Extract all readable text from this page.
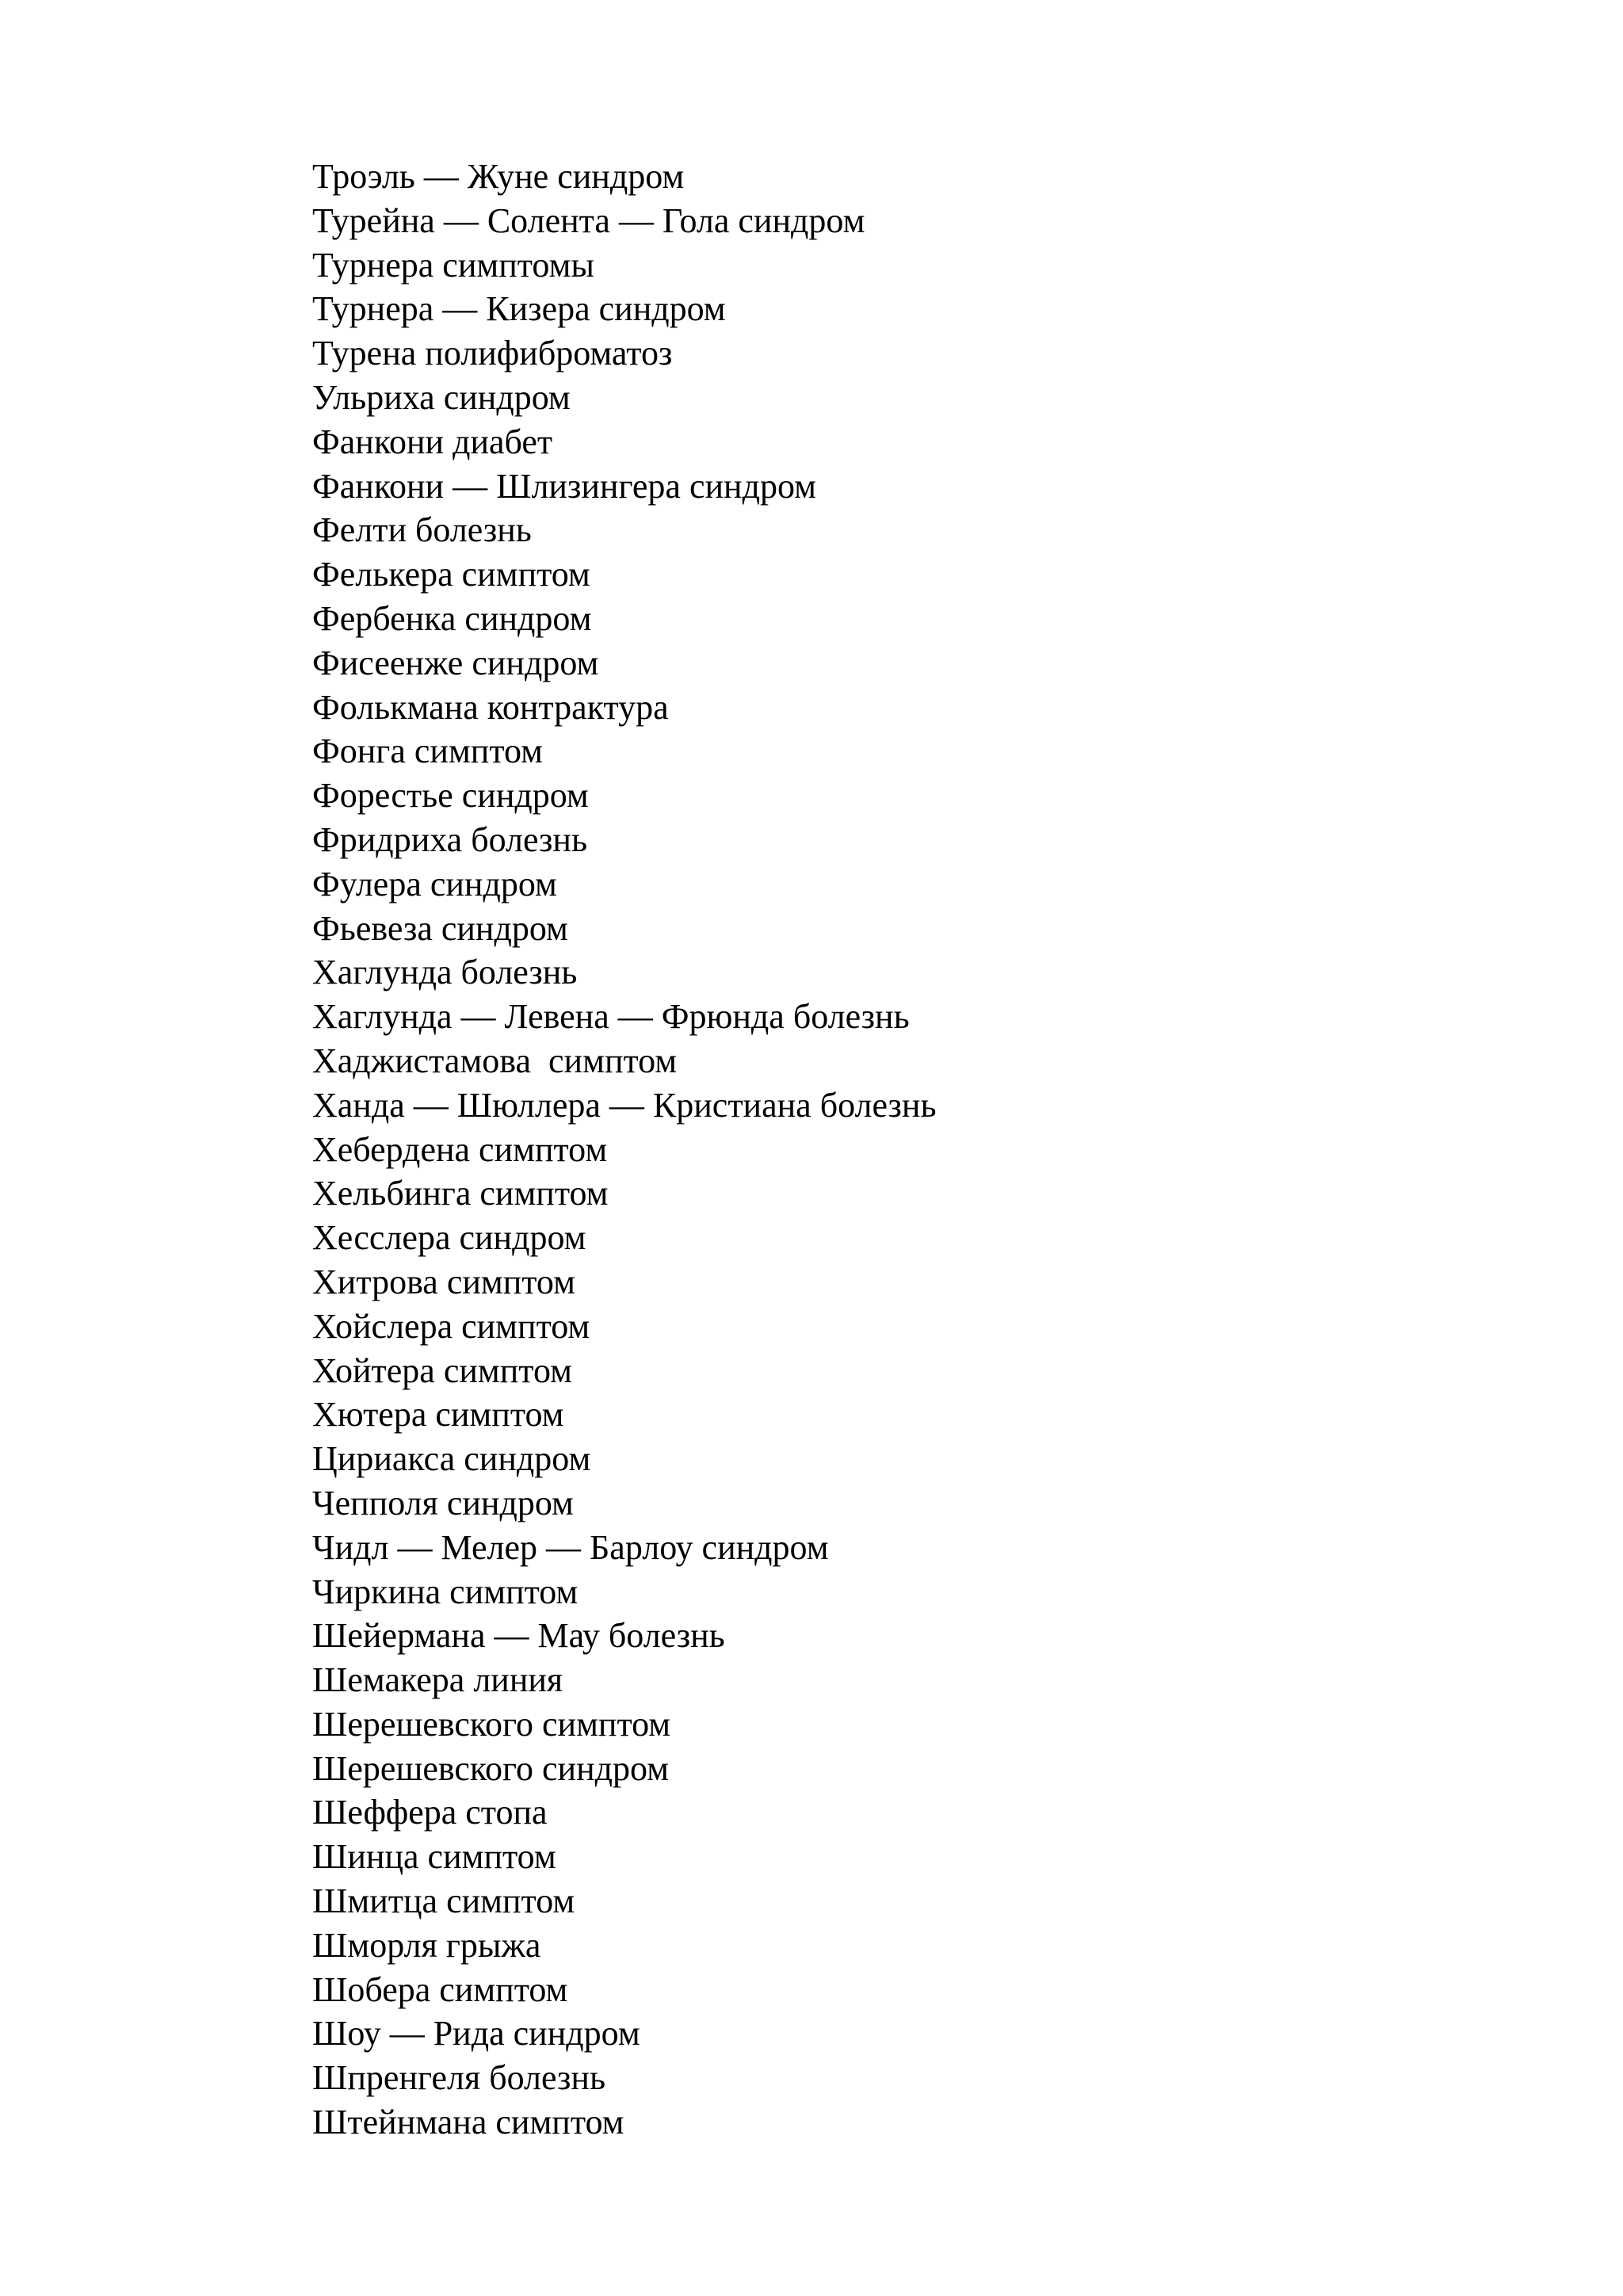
Троэль — Жуне синдром
Турейна — Солента — Гола синдром
Турнера симптомы
Турнера — Кизера синдром
Турена полифиброматоз
Ульриха синдром
Фанкони диабет
Фанкони — Шлизингера синдром
Фелти болезнь
Фелькера симптом
Фербенка синдром
Фисеенже синдром
Фолькмана контрактура
Фонга симптом
Форестье синдром
Фридриха болезнь
Фулера синдром
Фьевеза синдром
Хаглунда болезнь
Хаглунда — Левена — Фрюнда болезнь
Хаджистамова  симптом
Ханда — Шюллера — Кристиана болезнь
Хебердена симптом
Хельбинга симптом
Хесслера синдром
Хитрова симптом
Хойслера симптом
Хойтера симптом
Хютера симптом
Цириакса синдром
Чепполя синдром
Чидл — Мелер — Барлоу синдром
Чиркина симптом
Шейермана — Мау болезнь
Шемакера линия
Шерешевского симптом
Шерешевского синдром
Шеффера стопа
Шинца симптом
Шмитца симптом
Шморля грыжа
Шобера симптом
Шоу — Рида синдром
Шпренгеля болезнь
Штейнмана симптом
